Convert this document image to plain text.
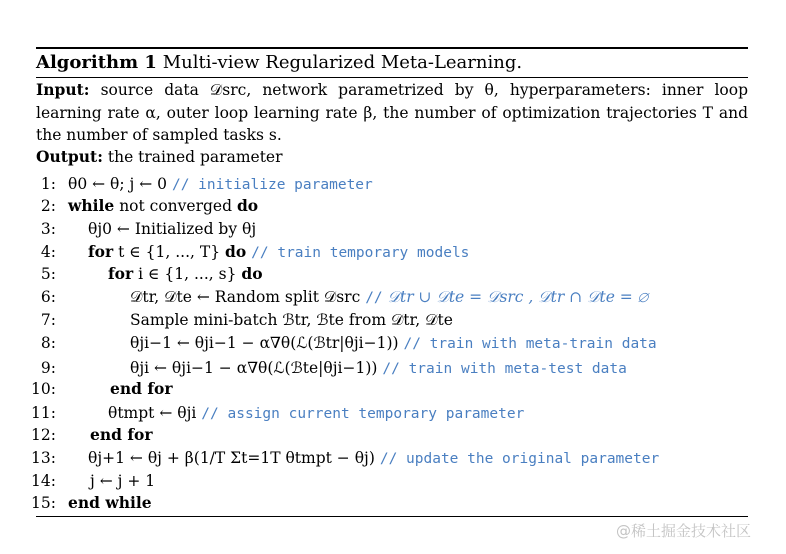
Algorithm 1 Multi-view Regularized Meta-Learning.
Input: source data 𝒟src, network parametrized by θ, hyperparameters: inner loop learning rate α, outer loop learning rate β, the number of optimization trajectories T and the number of sampled tasks s.
Output: the trained parameter
1: θ0 ← θ; j ← 0 // initialize parameter
2: while not converged do
3: θj0 ← Initialized by θj
4: for t ∈ {1, ..., T} do // train temporary models
5:	for i ∈ {1, ..., s} do
6:	𝒟tr, 𝒟te ← Random split 𝒟src // 𝒟tr ∪ 𝒟te = 𝒟src , 𝒟tr ∩ 𝒟te = ∅
7:	Sample mini-batch ℬtr, ℬte from 𝒟tr, 𝒟te
8:	θji−1 ← θji−1 − α∇θ(ℒ(ℬtr|θji−1)) // train with meta-train data
9:	θji ← θji−1 − α∇θ(ℒ(ℬte|θji−1)) // train with meta-test data
10:	end for
11:	θtmpt ← θji // assign current temporary parameter
12: end for
13: θj+1 ← θj + β(1/T Σt=1T θtmpt − θj) // update the original parameter
14: j ← j + 1
15: end while
@稀土掘金技术社区
